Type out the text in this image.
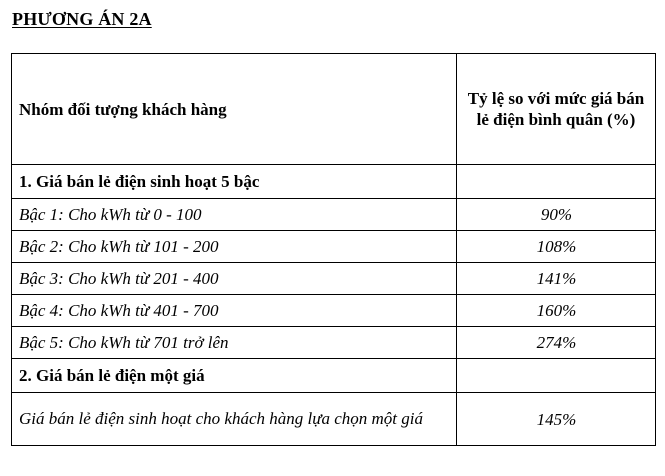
PHƯƠNG ÁN 2A
Nhóm đối tượng khách hàng	Tỷ lệ so với mức giá bán lẻ điện bình quân (%)
1. Giá bán lẻ điện sinh hoạt 5 bậc	
Bậc 1: Cho kWh từ 0 - 100	90%
Bậc 2: Cho kWh từ 101 - 200	108%
Bậc 3: Cho kWh từ 201 - 400	141%
Bậc 4: Cho kWh từ 401 - 700	160%
Bậc 5: Cho kWh từ 701 trở lên	274%
2. Giá bán lẻ điện một giá	
Giá bán lẻ điện sinh hoạt cho khách hàng lựa chọn một giá	145%
